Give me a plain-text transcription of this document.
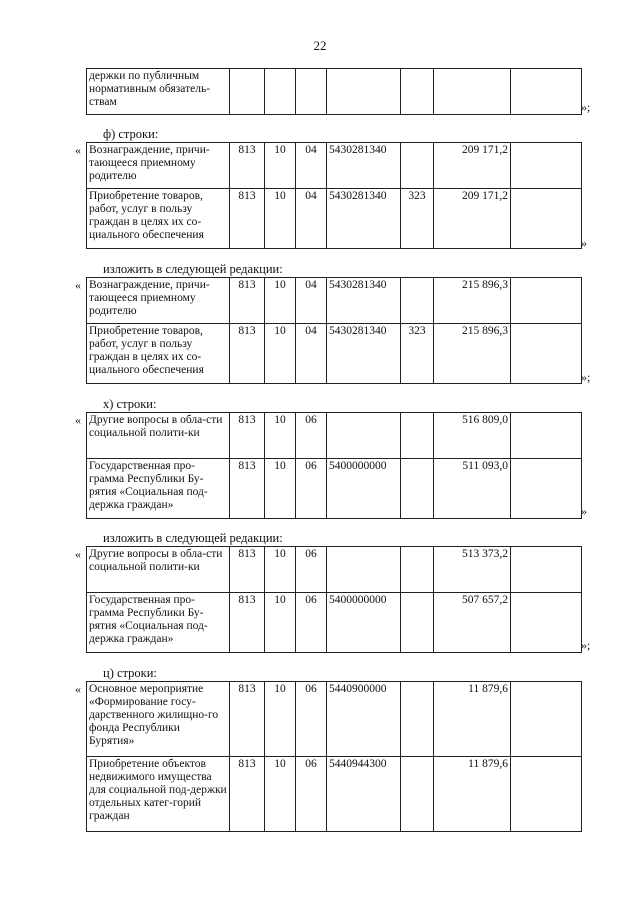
22
держки по публичным нормативным обязатель-ствам								»;
ф) строки:
« Вознаграждение, причи-тающееся приемному родителю	813	10	04	5430281340		209 171,2	
Приобретение товаров, работ, услуг в пользу граждан в целях их со-циального обеспечения	813	10	04	5430281340	323	209 171,2	
»
изложить в следующей редакции:
« Вознаграждение, причи-тающееся приемному родителю	813	10	04	5430281340		215 896,3	
Приобретение товаров, работ, услуг в пользу граждан в целях их со-циального обеспечения	813	10	04	5430281340	323	215 896,3	
»;
х) строки:
« Другие вопросы в обла-сти социальной полити-ки	813	10	06			516 809,0	
Государственная про-грамма Республики Бу-рятия «Социальная под-держка граждан»	813	10	06	5400000000		511 093,0	
»
изложить в следующей редакции:
« Другие вопросы в обла-сти социальной полити-ки	813	10	06			513 373,2	
Государственная про-грамма Республики Бу-рятия «Социальная под-держка граждан»	813	10	06	5400000000		507 657,2	
»;
ц) строки:
« Основное мероприятие «Формирование госу-дарственного жилищно-го фонда Республики Бурятия»	813	10	06	5440900000		11 879,6	
Приобретение объектов недвижимого имущества для социальной под-держки отдельных катег-горий граждан	813	10	06	5440944300		11 879,6	
